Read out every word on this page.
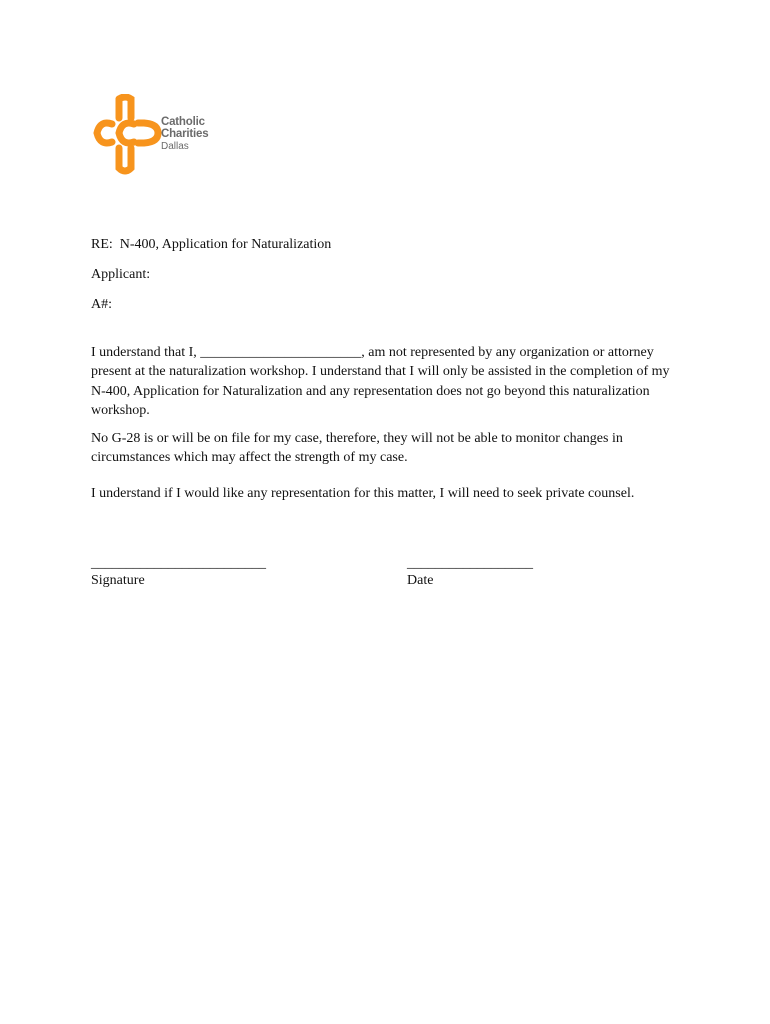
Catholic
Charities
Dallas
RE:  N-400, Application for Naturalization
Applicant:
A#:
I understand that I, _______________________, am not represented by any organization or attorney present at the naturalization workshop. I understand that I will only be assisted in the completion of my N-400, Application for Naturalization and any representation does not go beyond this naturalization workshop.
No G-28 is or will be on file for my case, therefore, they will not be able to monitor changes in circumstances which may affect the strength of my case.
I understand if I would like any representation for this matter, I will need to seek private counsel.
_________________________
Signature
__________________
Date
